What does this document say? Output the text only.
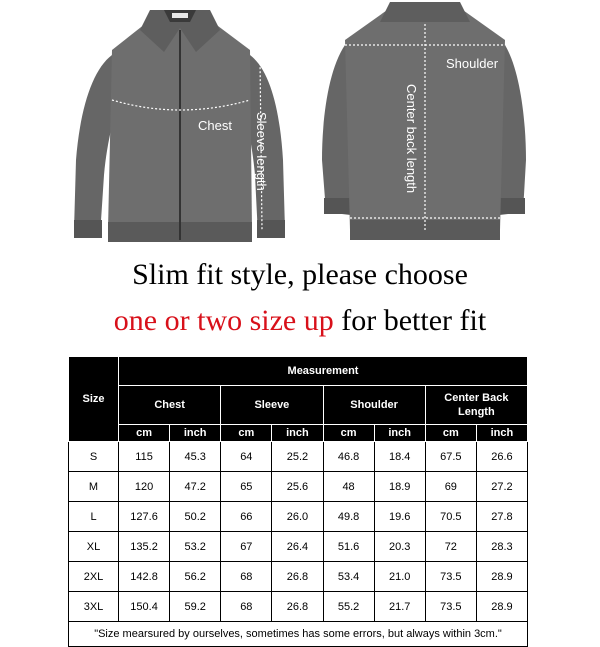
Chest Sleeve length
Shoulder
Center back length
Slim fit style, please choose
one or two size up for better fit
Size	Measurement							
	Chest		Sleeve		Shoulder		Center Back Length	
	cm	inch	cm	inch	cm	inch	cm	inch
S	115	45.3	64	25.2	46.8	18.4	67.5	26.6
M	120	47.2	65	25.6	48	18.9	69	27.2
L	127.6	50.2	66	26.0	49.8	19.6	70.5	27.8
XL	135.2	53.2	67	26.4	51.6	20.3	72	28.3
2XL	142.8	56.2	68	26.8	53.4	21.0	73.5	28.9
3XL	150.4	59.2	68	26.8	55.2	21.7	73.5	28.9
"Size mearsured by ourselves, sometimes has some errors, but always within 3cm."								
